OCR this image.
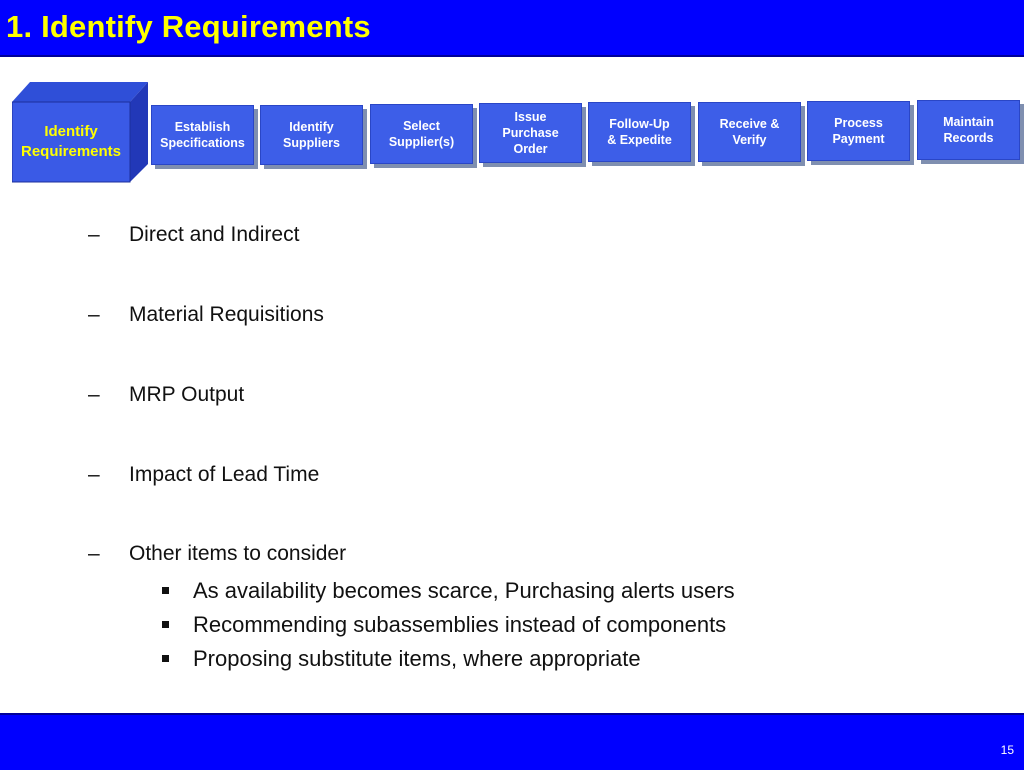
1. Identify Requirements
Identify
Requirements
Establish
Specifications
Identify
Suppliers
Select
Supplier(s)
Issue
Purchase
Order
Follow-Up
& Expedite
Receive &
Verify
Process
Payment
Maintain
Records
– Direct and Indirect
– Material Requisitions
– MRP Output
– Impact of Lead Time
– Other items to consider
As availability becomes scarce, Purchasing alerts users
Recommending subassemblies instead of components
Proposing substitute items, where appropriate
15
